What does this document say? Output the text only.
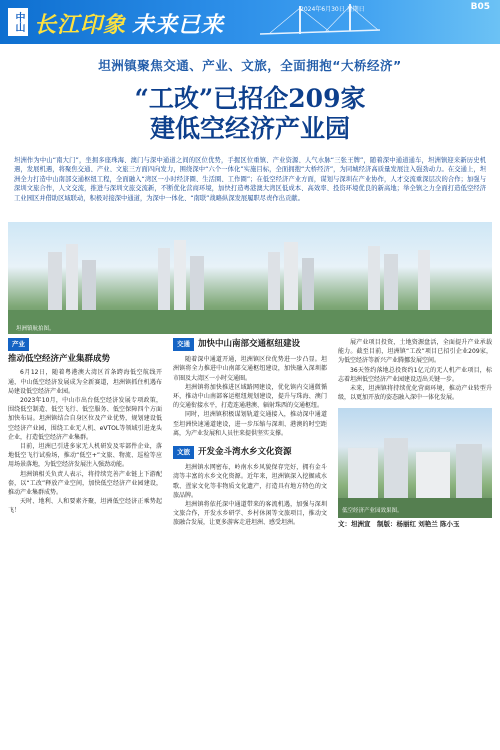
中山 长江印象 未来已来
2024年6月30日 星期日	B05
坦洲镇聚焦交通、产业、文旅，全面拥抱“大桥经济”
“工改”已招企209家
建低空经济产业园
坦洲作为中山“南大门”，坐拥多座珠海、澳门与深中通道之间的区位优势，手握区位重镇、产业资源、人气水脉“三张王牌”，随着深中通道通车，坦洲镇迎来新历史机遇，发展机遇，将聚焦交通、产业、文旅三方面四向发力，围绕深中“六个一体化”实施目标，全面拥抱“大桥经济”，为同城经济高质量发展注入强劲动力。在交通上，坦洲全力打造中山南部交通枢纽工程，全面融入“湾区一小时经济圈、生活圈、工作圈”；在低空经济产业方面，谋划与深圳在产业协作，人才交流重深层次的合作；加强与深圳文旅合作，人文交流，推进与深圳文旅交流新，不断优化营商环境，加快打造粤港澳大湾区低成本、高效率、投资环境优良的新高地；举全镇之力全面打造低空经济工业园区并借助区域联动，积极对接深中通道，为深中一体化、“南联”战略纵深发展履职尽责作出贡献。
坦洲镇航拍图。
产业
推动低空经济产业集群成势

6月12日，随着粤港澳大湾区首条跨海低空航线开通，中山低空经济发展成为全新赛道，坦洲镇抓住机遇布局建设低空经济产业园。

2023年10月，中山市出台低空经济发展专项政策，围绕低空制造、低空飞行、低空服务、低空保障四个方面加快布局。坦洲镇结合自身区位及产业优势，规划建设低空经济产业园，围绕工业无人机、eVTOL等领域引进龙头企业，打造低空经济产业集群。

目前，坦洲已引进多家无人机研发及零部件企业，落地低空飞行试验场，推动“低空+”文旅、物流、巡检等应用场景落地，为低空经济发展注入强劲动能。

坦洲镇相关负责人表示，将持续完善产业链上下游配套，以“工改”释放产业空间，加快低空经济产业园建设，推动产业集群成势。

天时、地利、人和要素齐聚，坦洲低空经济正乘势起飞！

交通 加快中山南部交通枢纽建设

随着深中通道开通，坦洲镇区位优势进一步凸显。坦洲镇将全力推进中山南部交通枢纽建设，加快融入深圳都市圈及大湾区一小时交通圈。

坦洲镇将加快推进区域路网建设，优化镇内交通微循环，推动中山南部客运枢纽规划建设，提升与珠海、澳门的交通衔接水平，打造连通港澳、辐射珠西的交通枢纽。

同时，坦洲镇积极谋划轨道交通接入，推动深中通道至坦洲快速通道建设，进一步压缩与深圳、港澳的时空距离，为产业发展和人员往来提供坚实支撑。

文旅 开发金斗湾水乡文化资源

坦洲镇水网密布，岭南水乡风貌保存完好，拥有金斗湾等丰富的水乡文化资源。近年来，坦洲镇深入挖掘咸水歌、疍家文化等非物质文化遗产，打造具有地方特色的文旅品牌。

坦洲镇将依托深中通道带来的客流机遇，加强与深圳文旅合作，开发水乡研学、乡村休闲等文旅项目，推动文旅融合发展，让更多游客走进坦洲、感受坦洲。

展产业项目投资，土地资源盘活，全面提升产业承载能力。截至目前，坦洲镇“工改”项目已招引企业209家，为低空经济等新兴产业腾挪发展空间。

36天签约落地总投资约1亿元的无人机产业项目，标志着坦洲低空经济产业园建设迈出关键一步。

未来，坦洲镇将持续优化营商环境，推动产业转型升级，以更加开放的姿态融入深中一体化发展。

低空经济产业园效果图。
文：坦洲宣　制版：杨丽红 刘艳兰 陈小玉
